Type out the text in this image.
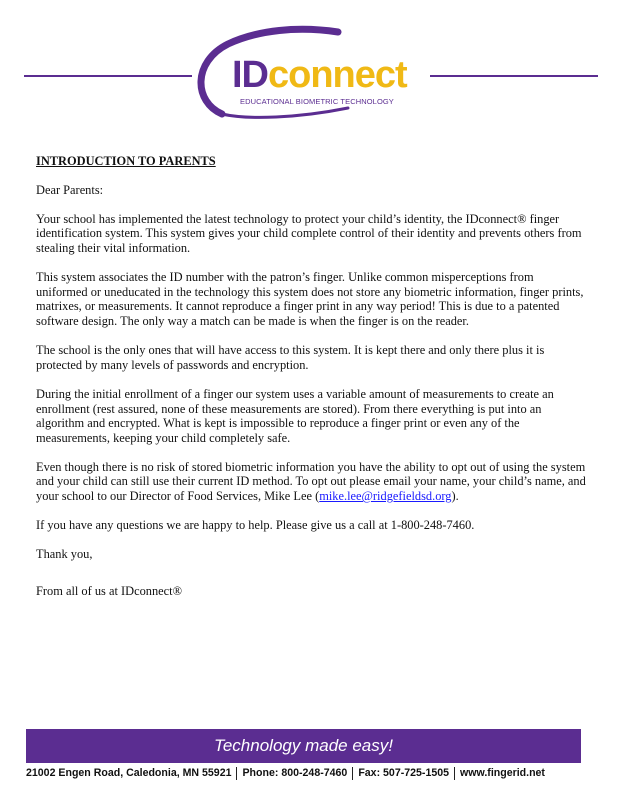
IDconnect
EDUCATIONAL BIOMETRIC TECHNOLOGY

INTRODUCTION TO PARENTS

Dear Parents:

Your school has implemented the latest technology to protect your child’s identity, the IDconnect® finger identification system. This system gives your child complete control of their identity and prevents others from stealing their vital information.

This system associates the ID number with the patron’s finger. Unlike common misperceptions from uniformed or uneducated in the technology this system does not store any biometric information, finger prints, matrixes, or measurements. It cannot reproduce a finger print in any way period! This is due to a patented software design. The only way a match can be made is when the finger is on the reader.

The school is the only ones that will have access to this system. It is kept there and only there plus it is protected by many levels of passwords and encryption.

During the initial enrollment of a finger our system uses a variable amount of measurements to create an enrollment (rest assured, none of these measurements are stored). From there everything is put into an algorithm and encrypted. What is kept is impossible to reproduce a finger print or even any of the measurements, keeping your child completely safe.

Even though there is no risk of stored biometric information you have the ability to opt out of using the system and your child can still use their current ID method. To opt out please email your name, your child’s name, and your school to our Director of Food Services, Mike Lee (mike.lee@ridgefieldsd.org).

If you have any questions we are happy to help. Please give us a call at 1-800-248-7460.

Thank you,

From all of us at IDconnect®

Technology made easy!
21002 Engen Road, Caledonia, MN 55921 Phone: 800-248-7460 Fax: 507-725-1505 www.fingerid.net
